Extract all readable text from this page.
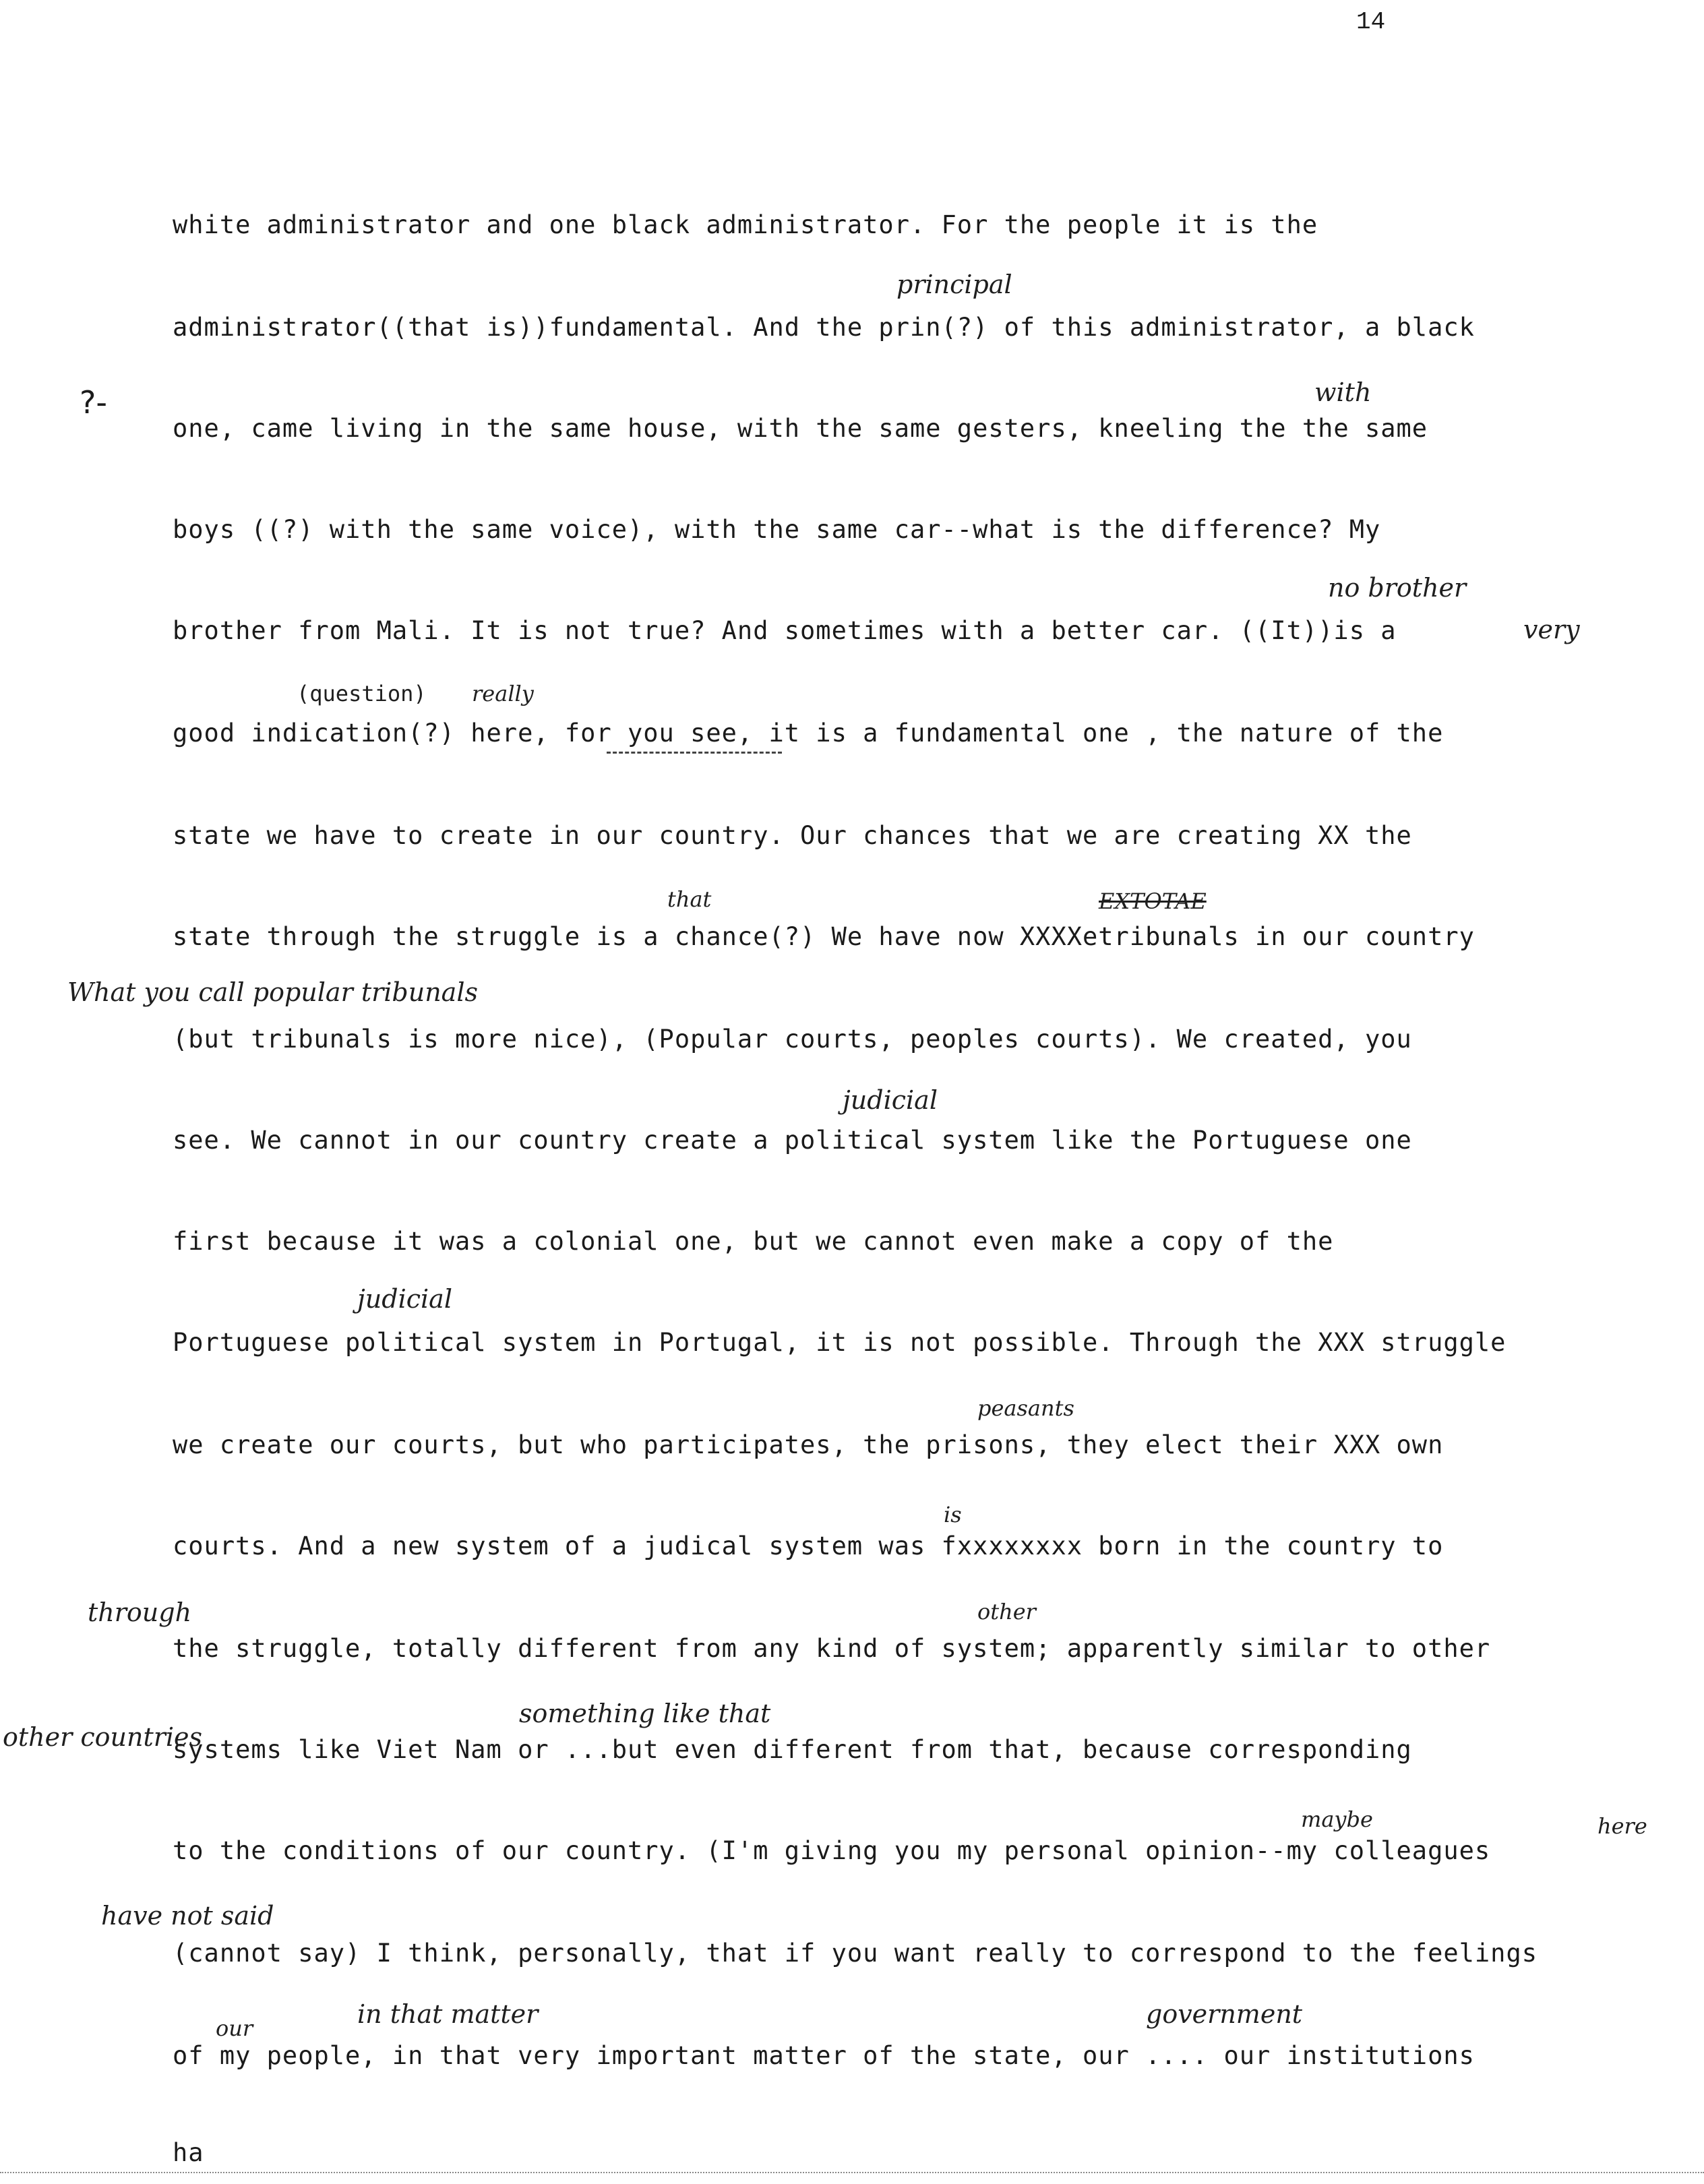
14
white administrator and one black administrator. For the people it is the
administrator((that is))fundamental. And the prin(?) of this administrator, a black
one, came living in the same house, with the same gesters, kneeling the the same
boys ((?) with the same voice), with the same car--what is the difference? My
brother from Mali. It is not true? And sometimes with a better car. ((It))is a
good indication(?) here, for you see, it is a fundamental one , the nature of the
state we have to create in our country. Our chances that we are creating XX the
state through the struggle is a chance(?) We have now XXXXetribunals in our country
(but tribunals is more nice), (Popular courts, peoples courts). We created, you
see. We cannot in our country create a political system like the Portuguese one
first because it was a colonial one, but we cannot even make a copy of the
Portuguese political system in Portugal, it is not possible. Through the XXX struggle
we create our courts, but who participates, the prisons, they elect their XXX own
courts. And a new system of a judical system was fxxxxxxxx born in the country to
the struggle, totally different from any kind of system; apparently similar to other
systems like Viet Nam or ...but even different from that, because corresponding
to the conditions of our country. (I'm giving you my personal opinion--my colleagues
(cannot say) I think, personally, that if you want really to correspond to the feelings
of my people, in that very important matter of the state, our .... our institutions
ha
principal
?-	with
no brother
very
(question) really
that	EXTOTAE
What you call popular tribunals
judicial
judicial
peasants
is
through	other
other countries
something like that
maybe	here
have not said
our	in that matter	government
